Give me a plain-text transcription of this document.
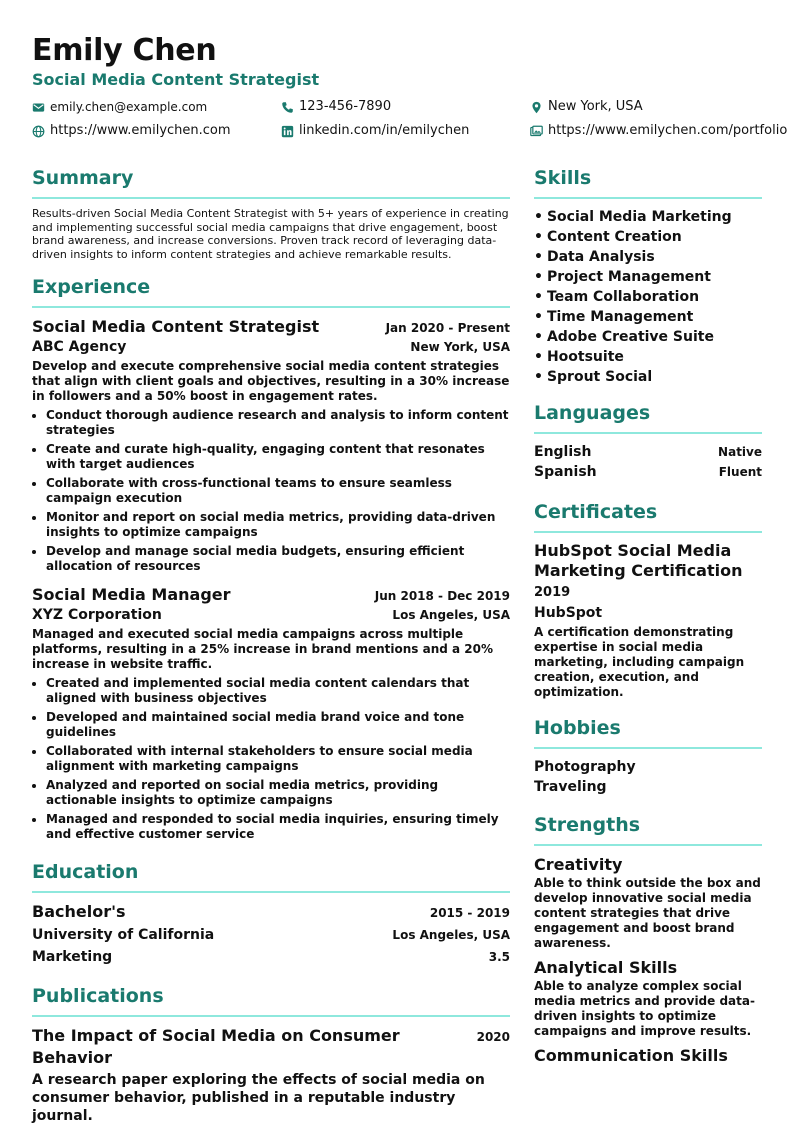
Emily Chen
Social Media Content Strategist
emily.chen@example.com	123-456-7890	New York, USA
https://www.emilychen.com	linkedin.com/in/emilychen	https://www.emilychen.com/portfolio
Summary

Results-driven Social Media Content Strategist with 5+ years of experience in creating and implementing successful social media campaigns that drive engagement, boost brand awareness, and increase conversions. Proven track record of leveraging data-driven insights to inform content strategies and achieve remarkable results.

Experience
Social Media Content Strategist	Jan 2020 - Present
ABC Agency	New York, USA
Develop and execute comprehensive social media content strategies that align with client goals and objectives, resulting in a 30% increase in followers and a 50% boost in engagement rates.
• Conduct thorough audience research and analysis to inform content strategies
• Create and curate high-quality, engaging content that resonates with target audiences
• Collaborate with cross-functional teams to ensure seamless campaign execution
• Monitor and report on social media metrics, providing data-driven insights to optimize campaigns
• Develop and manage social media budgets, ensuring efficient allocation of resources
Social Media Manager	Jun 2018 - Dec 2019
XYZ Corporation	Los Angeles, USA
Managed and executed social media campaigns across multiple platforms, resulting in a 25% increase in brand mentions and a 20% increase in website traffic.
• Created and implemented social media content calendars that aligned with business objectives
• Developed and maintained social media brand voice and tone guidelines
• Collaborated with internal stakeholders to ensure social media alignment with marketing campaigns
• Analyzed and reported on social media metrics, providing actionable insights to optimize campaigns
• Managed and responded to social media inquiries, ensuring timely and effective customer service
Education
Bachelor's	2015 - 2019
University of California	Los Angeles, USA
Marketing	3.5
Publications
The Impact of Social Media on Consumer Behavior
2020
A research paper exploring the effects of social media on consumer behavior, published in a reputable industry journal.
Skills
• Social Media Marketing
• Content Creation
• Data Analysis
• Project Management
• Team Collaboration
• Time Management
• Adobe Creative Suite
• Hootsuite
• Sprout Social
Languages
English	Native
Spanish	Fluent
Certificates
HubSpot Social Media Marketing Certification
2019
HubSpot
A certification demonstrating expertise in social media marketing, including campaign creation, execution, and optimization.
Hobbies
Photography
Traveling
Strengths
Creativity
Able to think outside the box and develop innovative social media content strategies that drive engagement and boost brand awareness.
Analytical Skills
Able to analyze complex social media metrics and provide data-driven insights to optimize campaigns and improve results.
Communication Skills
